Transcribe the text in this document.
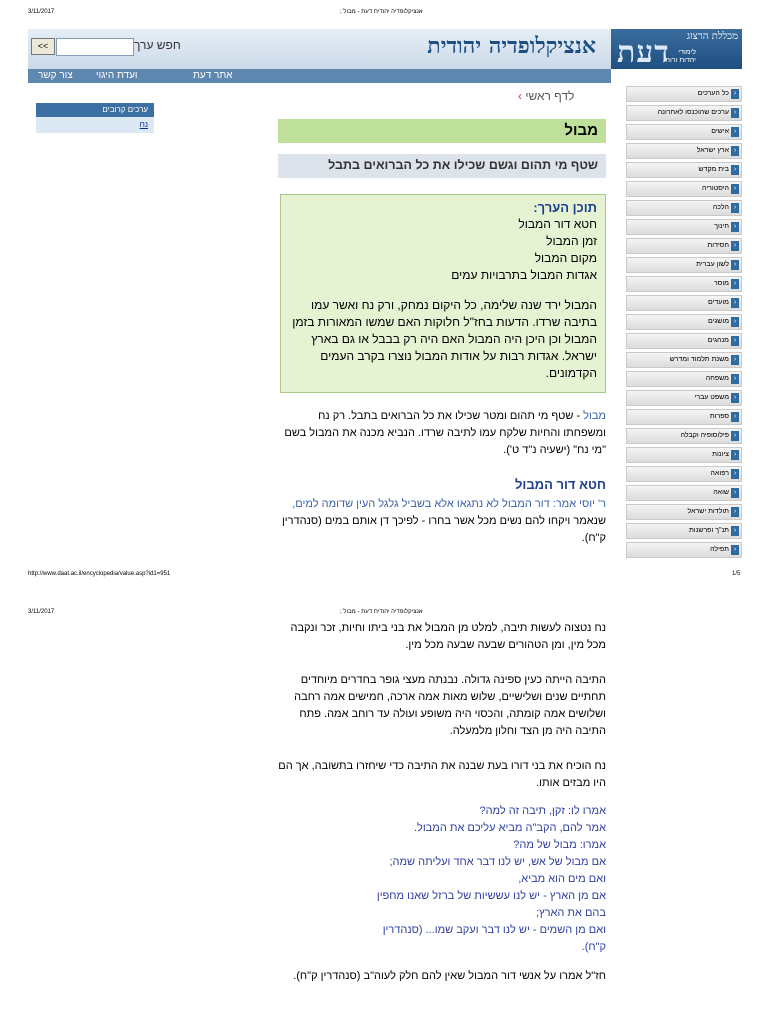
3/11/2017	; אנציקלופדיה יהודית דעת - מבול
מכללת הרצוג
דעת לימודי
יהדות ורוח
אנציקלופדיה יהודית
חפש ערך
<<
אתר דעת
ועדת היגוי
צור קשר
‹ לדף ראשי	›
כל הערכים
›
ערכים שהוכנסו לאחרונה
›
אישים
›
ארץ ישראל
›
בית מקדש
›
היסטוריה
›
הלכה
›
חינוך
›
חסידות
›
לשון עברית
›
מוסר
›
מועדים
›
מושגים
›
מנהגים
›
משנת תלמוד ומדרש
›
משפחה
›
משפט עברי
›
ספרות
›
פילוסופיה וקבלה
›
ציונות
›
רפואה
›
שואה
›
תולדות ישראל
›
תנ"ך ופרשנות
›
תפילה
ערכים קרובים
נח	מבול
שטף מי תהום וגשם שכילו את כל הברואים בתבל
תוכן הערך:
חטא דור המבול
זמן המבול
מקום המבול
אגדות המבול בתרבויות עמים
המבול ירד שנה שלימה, כל היקום נמחק, ורק נח ואשר עמו בתיבה שרדו. הדעות בחז"ל חלוקות האם שמשו המאורות בזמן המבול וכן היכן היה המבול האם היה רק בבבל או גם בארץ ישראל. אגדות רבות על אודות המבול נוצרו בקרב העמים הקדמונים.
מבול - שטף מי תהום ומטר שכילו את כל הברואים בתבל. רק נח ומשפחתו והחיות שלקח עמו לתיבה שרדו. הנביא מכנה את המבול בשם "מי נח" (ישעיה נ"ד ט').
חטא דור המבול
ר' יוסי אמר: דור המבול לא נתגאו אלא בשביל גלגל העין שדומה למים, שנאמר ויקחו להם נשים מכל אשר בחרו - לפיכך דן אותם במים (סנהדרין ק"ח).
http://www.daat.ac.il/encyclopedia/value.asp?id1=951	1/5
3/11/2017	; אנציקלופדיה יהודית דעת - מבול
נח נטצוה לעשות תיבה, למלט מן המבול את בני ביתו וחיות, זכר ונקבה מכל מין, ומן הטהורים שבעה שבעה מכל מין.
התיבה הייתה כעין ספינה גדולה. נבנתה מעצי גופר בחדרים מיוחדים תחתיים שנים ושלישיים, שלוש מאות אמה ארכה, חמישים אמה רחבה ושלושים אמה קומתה, והכסוי היה משופע ועולה עד רוחב אמה. פתח התיבה היה מן הצד וחלון מלמעלה.
נח הוכיח את בני דורו בעת שבנה את התיבה כדי שיחזרו בתשובה, אך הם היו מבזים אותו.
אמרו לו: זקן, תיבה זה למה?
אמר להם, הקב"ה מביא עליכם את המבול.
אמרו: מבול של מה?
אם מבול של אש, יש לנו דבר אחד ועליתה שמה;
ואם מים הוא מביא,
אם מן הארץ - יש לנו עששיות של ברזל שאנו מחפין
בהם את הארץ;
ואם מן השמים - יש לנו דבר ועקב שמו... (סנהדרין
ק"ח).
חז"ל אמרו על אנשי דור המבול שאין להם חלק לעוה"ב (סנהדרין ק"ח).
